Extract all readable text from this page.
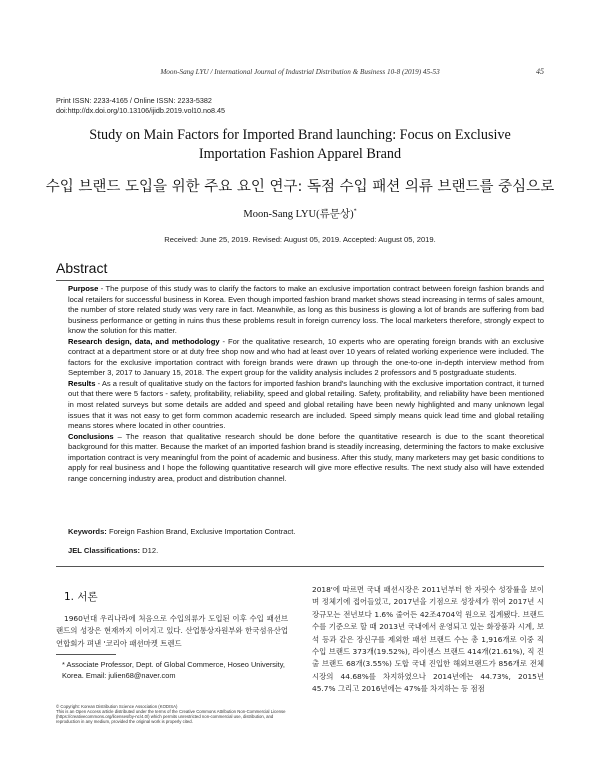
Moon-Sang LYU / International Journal of Industrial Distribution & Business 10-8 (2019) 45-53	45
Print ISSN: 2233-4165 / Online ISSN: 2233-5382
doi:http://dx.doi.org/10.13106/ijidb.2019.vol10.no8.45
Study on Main Factors for Imported Brand launching: Focus on Exclusive
Importation Fashion Apparel Brand
수입 브랜드 도입을 위한 주요 요인 연구: 독점 수입 패션 의류 브랜드를 중심으로
Moon-Sang LYU(류문상)*
Received: June 25, 2019. Revised: August 05, 2019. Accepted: August 05, 2019.
Abstract

Purpose - The purpose of this study was to clarify the factors to make an exclusive importation contract between foreign fashion brands and local retailers for successful business in Korea. Even though imported fashion brand market shows stead increasing in terms of sales amount, the number of store related study was very rare in fact. Meanwhile, as long as this business is glowing a lot of brands are suffering from bad business performance or getting in ruins thus these problems result in foreign currency loss. The local marketers therefore, strongly expect to know the solution for this matter.

Research design, data, and methodology - For the qualitative research, 10 experts who are operating foreign brands with an exclusive contract at a department store or at duty free shop now and who had at least over 10 years of related working experience were included. The factors for the exclusive importation contract with foreign brands were drawn up through the one-to-one in-depth interview method from September 3, 2017 to January 15, 2018. The expert group for the validity analysis includes 2 professors and 5 postgraduate students.

Results - As a result of qualitative study on the factors for imported fashion brand's launching with the exclusive importation contract, it turned out that there were 5 factors - safety, profitability, reliability, speed and global retailing. Safety, profitability, and reliability have been mentioned in most related surveys but some details are added and speed and global retailing have been newly highlighted and many unknown legal issues that it was not easy to get form common academic research are included. Speed simply means quick lead time and global retailing means stores where located in other countries.

Conclusions – The reason that qualitative research should be done before the quantitative research is due to the scant theoretical background for this matter. Because the market of an imported fashion brand is steadily increasing, determining the factors to make exclusive importation contract is very meaningful from the point of academic and business. After this study, many marketers may get basic conditions to apply for real business and I hope the following quantitative research will give more effective results. The next study also will have extended range concerning industry area, product and distribution channel.

Keywords: Foreign Fashion Brand, Exclusive Importation Contract.
JEL Classifications: D12.
1. 서론
1960년대 우리나라에 처음으로 수입의류가 도입된 이후 수입 패션브랜드의 성장은 현재까지 이어지고 있다. 산업통상자원부와 한국섬유산업연합회가 펴낸 '코리아 패션마켓 트렌드
2018'에 따르면 국내 패션시장은 2011년부터 한 자릿수 성장률을 보이며 정체기에 접어들었고, 2017년을 기점으로 성장세가 꺾여 2017년 시장규모는 전년보다 1.6% 줄어든 42조4704억 원으로 집계됐다. 브랜드 수를 기준으로 할 때 2013년 국내에서 운영되고 있는 화장품과 시계, 보석 등과 같은 장신구를 제외한 패션 브랜드 수는 총 1,916개로 이중 직수입 브랜드 373개(19.52%), 라이센스 브랜드 414개(21.61%), 직 진출 브랜드 68개(3.55%) 도합 국내 진입한 해외브랜드가 856개로 전체시장의 44.68%를 차지하였으나 2014년에는 44.73%, 2015년 45.7% 그리고 2016년에는 47%를 차지하는 등 점점
* Associate Professor, Dept. of Global Commerce, Hoseo University, Korea. Email: julien68@naver.com
© Copyright: Korean Distribution Science Association (KODISA)
This is an Open Access article distributed under the terms of the Creative Commons Attribution Non-Commercial License (https://creativecommons.org/licenses/by-nc/4.0/) which permits unrestricted non-commercial use, distribution, and reproduction in any medium, provided the original work is properly cited.
